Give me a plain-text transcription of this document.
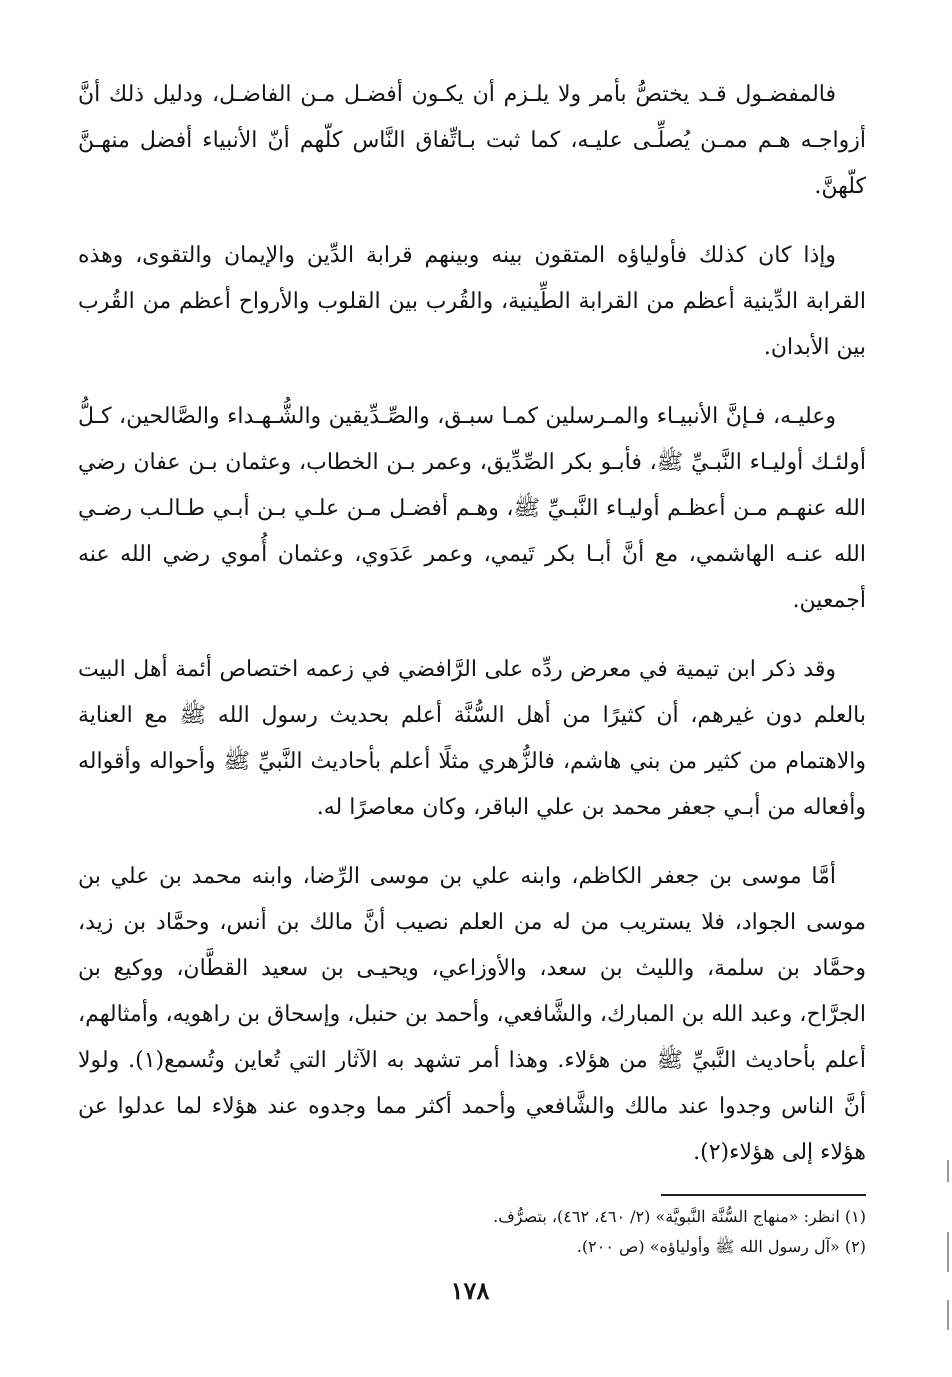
فالمفضـول قـد يختصُّ بأمر ولا يلـزم أن يكـون أفضـل مـن الفاضـل، ودليل ذلك أنَّ أزواجـه هـم ممـن يُصلِّـى عليـه، كما ثبت بـاتِّفاق النَّاس كلّهم أنّ الأنبياء أفضل منهـنَّ كلّهنَّ.

وإذا كان كذلك فأولياؤه المتقون بينه وبينهم قرابة الدِّين والإيمان والتقوى، وهذه القرابة الدِّينية أعظم من القرابة الطِّينية، والقُرب بين القلوب والأرواح أعظم من القُرب بين الأبدان.

وعليـه، فـإنَّ الأنبيـاء والمـرسلين كمـا سبـق، والصِّـدِّيقين والشُّـهـداء والصَّالحين، كـلُّ أولئـك أوليـاء النَّبـيِّ ﷺ، فأبـو بكر الصِّدِّيق، وعمر بـن الخطاب، وعثمان بـن عفان رضي الله عنهـم مـن أعظـم أوليـاء النَّبـيِّ ﷺ، وهـم أفضـل مـن علـي بـن أبـي طـالـب رضـي الله عنـه الهاشمي، مع أنَّ أبـا بكر تَيمي، وعمر عَدَوي، وعثمان أُموي رضي الله عنه أجمعين.

وقد ذكر ابن تيمية في معرض ردِّه على الرَّافضي في زعمه اختصاص أئمة أهل البيت بالعلم دون غيرهم، أن كثيرًا من أهل السُّنَّة أعلم بحديث رسول الله ﷺ مع العناية والاهتمام من كثير من بني هاشم، فالزُّهري مثلًا أعلم بأحاديث النَّبيِّ ﷺ وأحواله وأقواله وأفعاله من أبـي جعفر محمد بن علي الباقر، وكان معاصرًا له.

أمَّا موسى بن جعفر الكاظم، وابنه علي بن موسى الرِّضا، وابنه محمد بن علي بن موسى الجواد، فلا يستريب من له من العلم نصيب أنَّ مالك بن أنس، وحمَّاد بن زيد، وحمَّاد بن سلمة، والليث بن سعد، والأوزاعي، ويحيـى بن سعيد القطَّان، ووكيع بن الجرَّاح، وعبد الله بن المبارك، والشَّافعي، وأحمد بن حنبل، وإسحاق بن راهويه، وأمثالهم، أعلم بأحاديث النَّبيِّ ﷺ من هؤلاء. وهذا أمر تشهد به الآثار التي تُعاين وتُسمع(١). ولولا أنَّ الناس وجدوا عند مالك والشَّافعي وأحمد أكثر مما وجدوه عند هؤلاء لما عدلوا عن هؤلاء إلى هؤلاء(٢).

(١) انظر: «منهاج السُّنَّة النَّبويَّة» (٢/ ٤٦٠، ٤٦٢)، بتصرُّف.

(٢) «آل رسول الله ﷺ وأولياؤه» (ص ٢٠٠).

١٧٨
